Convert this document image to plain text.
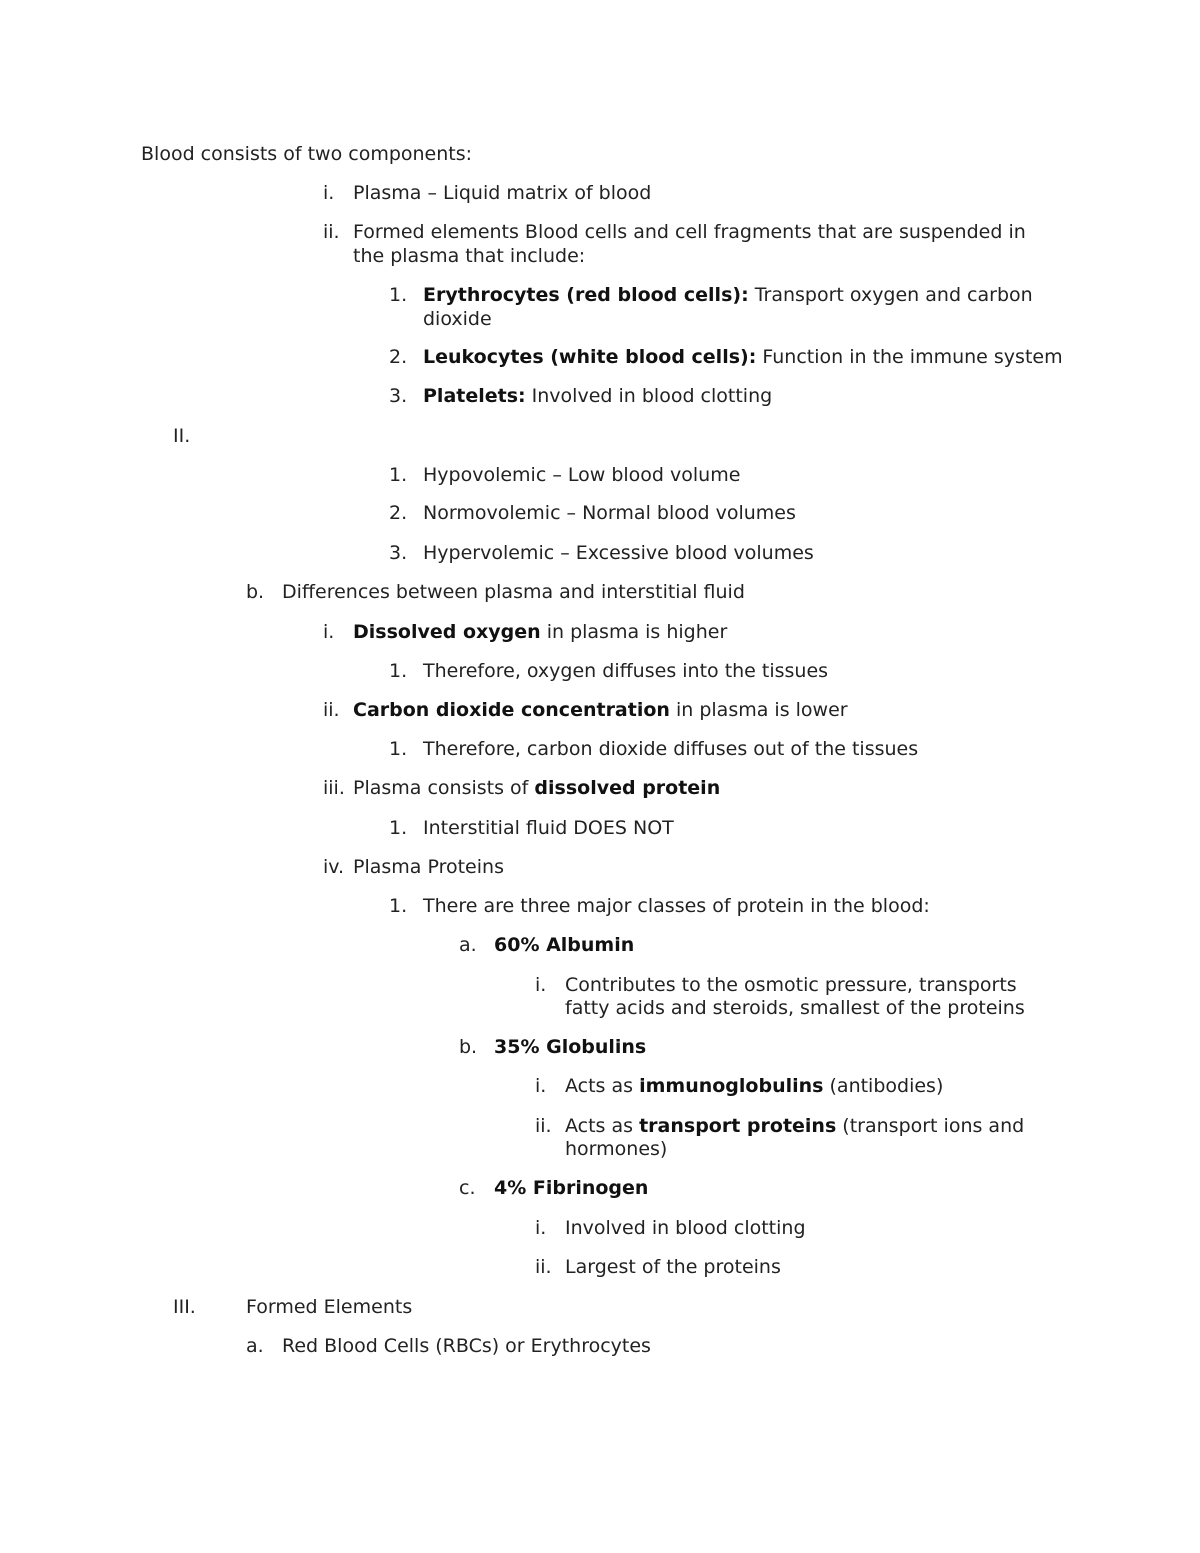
Blood consists of two components:
i. Plasma – Liquid matrix of blood
ii. Formed elements Blood cells and cell fragments that are suspended in
the plasma that include:
1. Erythrocytes (red blood cells): Transport oxygen and carbon
dioxide
2. Leukocytes (white blood cells): Function in the immune system
3. Platelets: Involved in blood clotting
II.
1. Hypovolemic – Low blood volume
2. Normovolemic – Normal blood volumes
3. Hypervolemic – Excessive blood volumes
b. Differences between plasma and interstitial fluid
i. Dissolved oxygen in plasma is higher
1. Therefore, oxygen diffuses into the tissues
ii. Carbon dioxide concentration in plasma is lower
1. Therefore, carbon dioxide diffuses out of the tissues
iii. Plasma consists of dissolved protein
1. Interstitial fluid DOES NOT
iv. Plasma Proteins
1. There are three major classes of protein in the blood:
a. 60% Albumin
i. Contributes to the osmotic pressure, transports
fatty acids and steroids, smallest of the proteins
b. 35% Globulins
i. Acts as immunoglobulins (antibodies)
ii. Acts as transport proteins (transport ions and
hormones)
c. 4% Fibrinogen
i. Involved in blood clotting
ii. Largest of the proteins
III.	Formed Elements
a. Red Blood Cells (RBCs) or Erythrocytes
